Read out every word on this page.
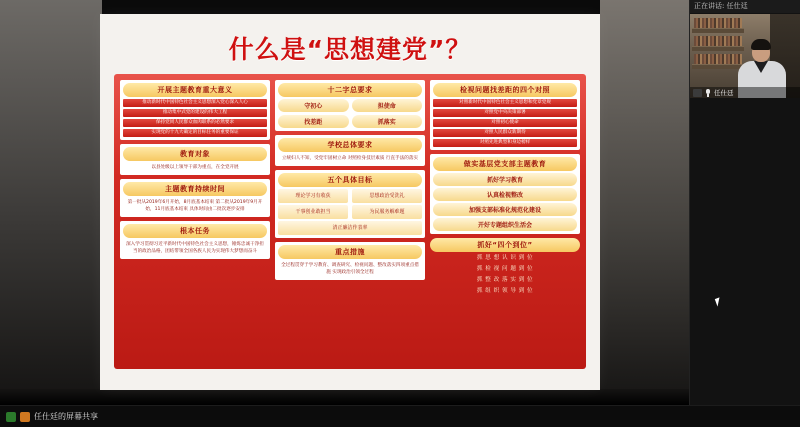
什么是“思想建党”？
开展主题教育重大意义
推动新时代中国特色社会主义思想深入党心深入人心
推动集中式党的建设的伟大工程
保持党同人民群众血肉联系的必然要求
实现党的十九大确定的目标任务的重要保证
教育对象
以县处级以上领导干部为重点，在全党开展
主题教育持续时间
第一批从2019年6月开始，8月底基本结束 第二批从2019年9月开始，11月底基本结束 具体时间由二批次逐步安排
根本任务
深入学习贯彻习近平新时代中国特色社会主义思想，锤炼忠诚干净担当的政治品格，团结带领全国各族人民为实现伟大梦想而奋斗
十二字总要求
守初心	担使命
找差距	抓落实
学校总体要求
立统妇人不知，受党牢固树立命 对照检身技层素质 行直手法的落实
五个具体目标
理论学习有收获	思想政治受洗礼
干事创业敢担当	为民服务解难题
清正廉洁作表率
重点措施
全过程贯穿于学习教育、调查研究、检视问题、整改落实四项重点措施 实现政治引领全过程
检视问题找差距的四个对照
对照新时代中国特色社会主义思想和党章党规
对照党中央决策部署
对照初心使命
对照人民群众新期待
对照先进典型和身边榜样
做实基层党支部主题教育
抓好学习教育
认真检视整改
加强支部标准化规范化建设
开好专题组织生活会
抓好“四个到位”
抓 思 想 认 识 到 位
抓 检 视 问 题 到 位
抓 整 改 落 实 到 位
抓 组 织 领 导 到 位
正在讲话: 任仕廷
任仕廷
任仕廷的屏幕共享
